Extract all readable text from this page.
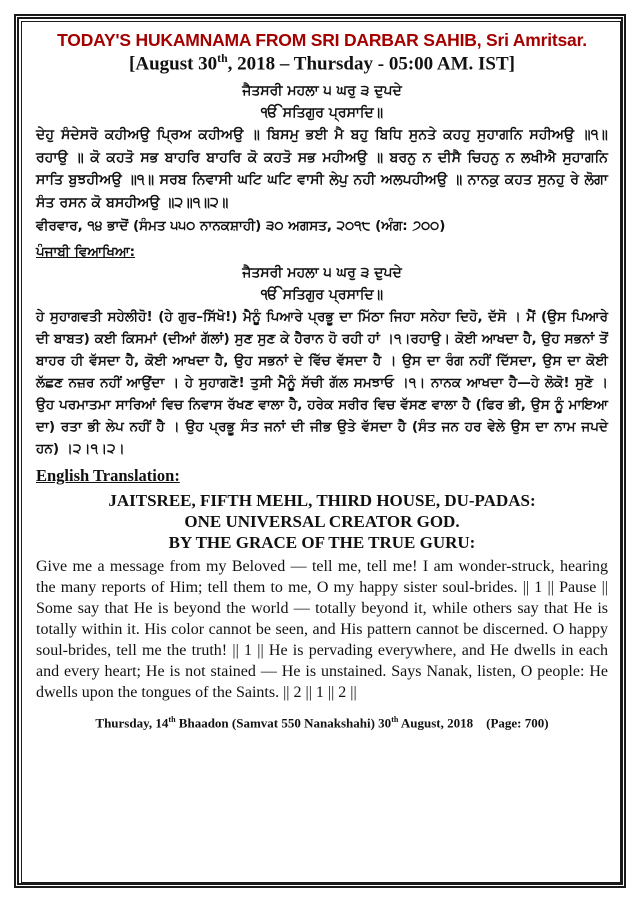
TODAY'S HUKAMNAMA FROM SRI DARBAR SAHIB, Sri Amritsar.
[August 30th, 2018 – Thursday - 05:00 AM. IST]
ਜੈਤਸਰੀ ਮਹਲਾ ੫ ਘਰੁ ੩ ਦੁਪਦੇ
ੴ ਸਤਿਗੁਰ ਪ੍ਰਸਾਦਿ॥
ਦੇਹੁ ਸੰਦੇਸਰੋ ਕਹੀਅਉ ਪ੍ਰਿਅ ਕਹੀਅਉ ॥ ਬਿਸਮੁ ਭਈ ਮੈ ਬਹੁ ਬਿਧਿ ਸੁਨਤੇ ਕਹਹੁ ਸੁਹਾਗਨਿ ਸਹੀਅਉ ॥੧॥ ਰਹਾਉ ॥ ਕੋ ਕਹਤੋ ਸਭ ਬਾਹਰਿ ਬਾਹਰਿ ਕੋ ਕਹਤੋ ਸਭ ਮਹੀਅਉ ॥ ਬਰਨੁ ਨ ਦੀਸੈ ਚਿਹਨੁ ਨ ਲਖੀਐ ਸੁਹਾਗਨਿ ਸਾਤਿ ਬੁਝਹੀਅਉ ॥੧॥ ਸਰਬ ਨਿਵਾਸੀ ਘਟਿ ਘਟਿ ਵਾਸੀ ਲੇਪੁ ਨਹੀ ਅਲਪਹੀਅਉ ॥ ਨਾਨਕੁ ਕਹਤ ਸੁਨਹੁ ਰੇ ਲੋਗਾ ਸੰਤ ਰਸਨ ਕੋ ਬਸਹੀਅਉ ॥੨॥੧॥੨॥
ਵੀਰਵਾਰ, ੧੪ ਭਾਦੋਂ (ਸੰਮਤ ੫੫੦ ਨਾਨਕਸ਼ਾਹੀ) ੩੦ ਅਗਸਤ, ੨੦੧੮ (ਅੰਗ: ੭੦੦)
ਪੰਜਾਬੀ ਵਿਆਖਿਆ:
ਜੈਤਸਰੀ ਮਹਲਾ ੫ ਘਰੁ ੩ ਦੁਪਦੇ
ੴ ਸਤਿਗੁਰ ਪ੍ਰਸਾਦਿ॥
ਹੇ ਸੁਹਾਗਵਤੀ ਸਹੇਲੀਹੋ! (ਹੇ ਗੁਰ–ਸਿੱਖੋ!) ਮੈਨੂੰ ਪਿਆਰੇ ਪ੍ਰਭੂ ਦਾ ਮਿੱਠਾ ਜਿਹਾ ਸਨੇਹਾ ਦਿਹੋ, ਦੱਸੋ । ਮੈਂ (ਉਸ ਪਿਆਰੇ ਦੀ ਬਾਬਤ) ਕਈ ਕਿਸਮਾਂ (ਦੀਆਂ ਗੱਲਾਂ) ਸੁਣ ਸੁਣ ਕੇ ਹੈਰਾਨ ਹੋ ਰਹੀ ਹਾਂ ।੧।ਰਹਾਉ। ਕੋਈ ਆਖਦਾ ਹੈ, ਉਹ ਸਭਨਾਂ ਤੋਂ ਬਾਹਰ ਹੀ ਵੱਸਦਾ ਹੈ, ਕੋਈ ਆਖਦਾ ਹੈ, ਉਹ ਸਭਨਾਂ ਦੇ ਵਿੱਚ ਵੱਸਦਾ ਹੈ । ਉਸ ਦਾ ਰੰਗ ਨਹੀਂ ਦਿੱਸਦਾ, ਉਸ ਦਾ ਕੋਈ ਲੱਛਣ ਨਜ਼ਰ ਨਹੀਂ ਆਉਂਦਾ । ਹੇ ਸੁਹਾਗਣੋ! ਤੁਸੀ ਮੈਨੂੰ ਸੱਚੀ ਗੱਲ ਸਮਝਾਓ ।੧। ਨਾਨਕ ਆਖਦਾ ਹੈ—ਹੇ ਲੋਕੋ! ਸੁਣੋ । ਉਹ ਪਰਮਾਤਮਾ ਸਾਰਿਆਂ ਵਿਚ ਨਿਵਾਸ ਰੱਖਣ ਵਾਲਾ ਹੈ, ਹਰੇਕ ਸਰੀਰ ਵਿਚ ਵੱਸਣ ਵਾਲਾ ਹੈ (ਫਿਰ ਭੀ, ਉਸ ਨੂੰ ਮਾਇਆ ਦਾ) ਰਤਾ ਭੀ ਲੇਪ ਨਹੀਂ ਹੈ । ਉਹ ਪ੍ਰਭੂ ਸੰਤ ਜਨਾਂ ਦੀ ਜੀਭ ਉਤੇ ਵੱਸਦਾ ਹੈ (ਸੰਤ ਜਨ ਹਰ ਵੇਲੇ ਉਸ ਦਾ ਨਾਮ ਜਪਦੇ ਹਨ) ।੨।੧।੨।
English Translation:
JAITSREE, FIFTH MEHL, THIRD HOUSE, DU-PADAS:
ONE UNIVERSAL CREATOR GOD.
BY THE GRACE OF THE TRUE GURU:
Give me a message from my Beloved — tell me, tell me! I am wonder-struck, hearing the many reports of Him; tell them to me, O my happy sister soul-brides. || 1 || Pause || Some say that He is beyond the world — totally beyond it, while others say that He is totally within it. His color cannot be seen, and His pattern cannot be discerned. O happy soul-brides, tell me the truth! || 1 || He is pervading everywhere, and He dwells in each and every heart; He is not stained — He is unstained. Says Nanak, listen, O people: He dwells upon the tongues of the Saints. || 2 || 1 || 2 ||
Thursday, 14th Bhaadon (Samvat 550 Nanakshahi) 30th August, 2018 (Page: 700)
